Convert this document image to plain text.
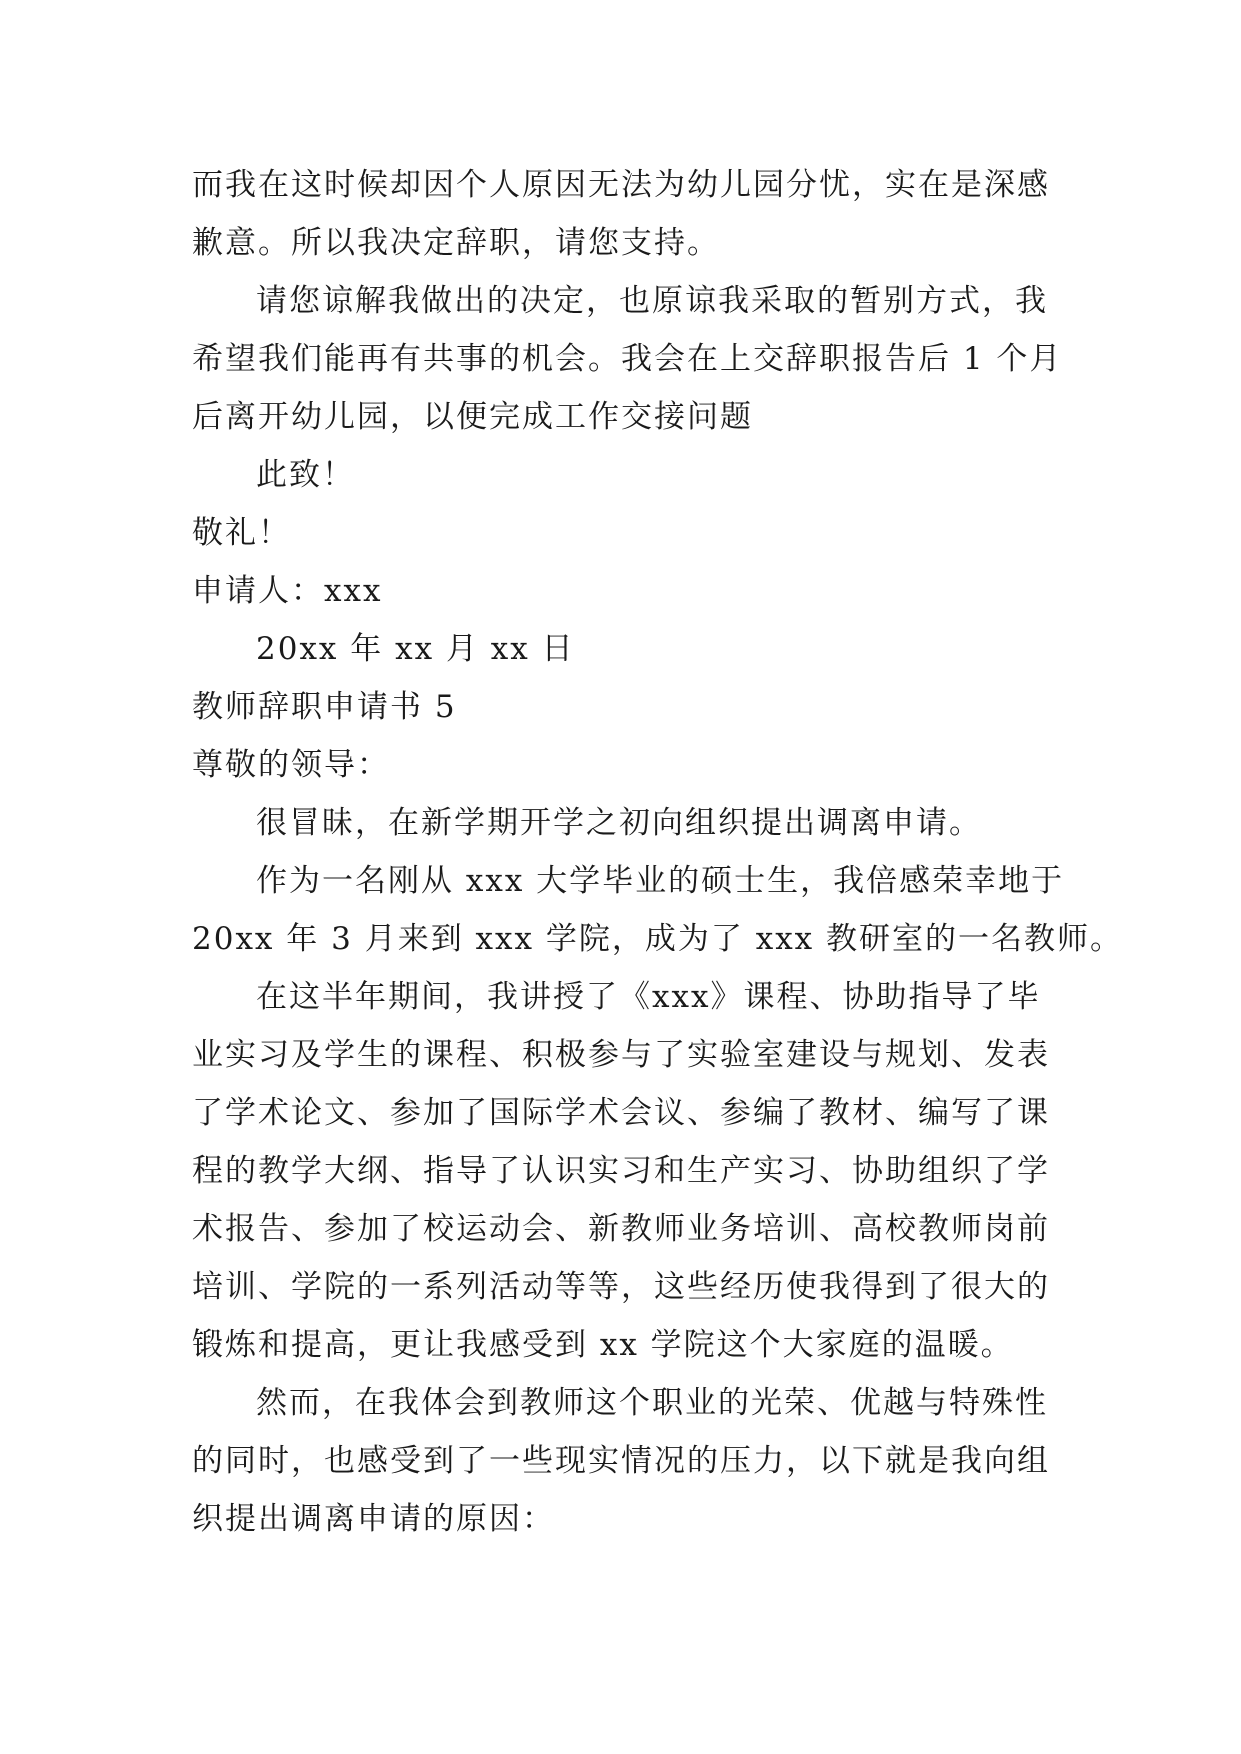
而我在这时候却因个人原因无法为幼儿园分忧，实在是深感
歉意。所以我决定辞职，请您支持。
请您谅解我做出的决定，也原谅我采取的暂别方式，我
希望我们能再有共事的机会。我会在上交辞职报告后 1 个月
后离开幼儿园，以便完成工作交接问题
此致！
敬礼！
申请人：xxx
20xx 年 xx 月 xx 日
教师辞职申请书 5
尊敬的领导：
很冒昧，在新学期开学之初向组织提出调离申请。
作为一名刚从 xxx 大学毕业的硕士生，我倍感荣幸地于
20xx 年 3 月来到 xxx 学院，成为了 xxx 教研室的一名教师。
在这半年期间，我讲授了《xxx》课程、协助指导了毕
业实习及学生的课程、积极参与了实验室建设与规划、发表
了学术论文、参加了国际学术会议、参编了教材、编写了课
程的教学大纲、指导了认识实习和生产实习、协助组织了学
术报告、参加了校运动会、新教师业务培训、高校教师岗前
培训、学院的一系列活动等等，这些经历使我得到了很大的
锻炼和提高，更让我感受到 xx 学院这个大家庭的温暖。
然而，在我体会到教师这个职业的光荣、优越与特殊性
的同时，也感受到了一些现实情况的压力，以下就是我向组
织提出调离申请的原因：
